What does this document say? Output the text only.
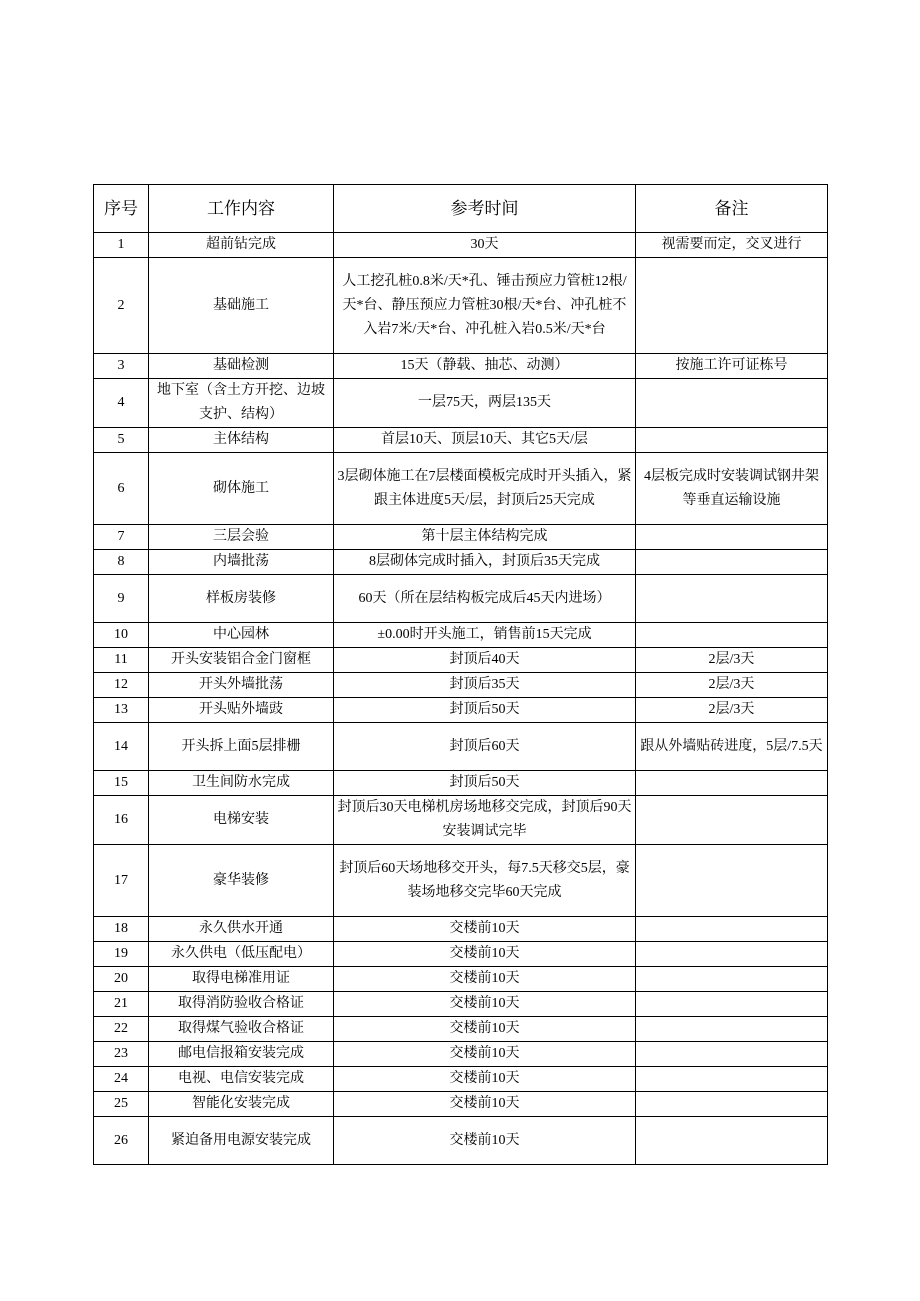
序号	工作内容	参考时间	备注
1	超前钻完成	30天	视需要而定，交叉进行
2	基础施工	人工挖孔桩0.8米/天*孔、锤击预应力管桩12根/天*台、静压预应力管桩30根/天*台、冲孔桩不入岩7米/天*台、冲孔桩入岩0.5米/天*台	
3	基础检测	15天（静载、抽芯、动测）	按施工许可证栋号
4	地下室（含土方开挖、边坡支护、结构）	一层75天，两层135天	
5	主体结构	首层10天、顶层10天、其它5天/层	
6	砌体施工	3层砌体施工在7层楼面模板完成时开头插入，紧跟主体进度5天/层，封顶后25天完成	4层板完成时安装调试钢井架等垂直运输设施
7	三层会验	第十层主体结构完成	
8	内墙批荡	8层砌体完成时插入，封顶后35天完成	
9	样板房装修	60天（所在层结构板完成后45天内进场）	
10	中心园林	±0.00时开头施工，销售前15天完成	
11	开头安装铝合金门窗框	封顶后40天	2层/3天
12	开头外墙批荡	封顶后35天	2层/3天
13	开头贴外墙豉	封顶后50天	2层/3天
14	开头拆上面5层排栅	封顶后60天	跟从外墙贴砖进度，5层/7.5天
15	卫生间防水完成	封顶后50天	
16	电梯安装	封顶后30天电梯机房场地移交完成，封顶后90天安装调试完毕	
17	豪华装修	封顶后60天场地移交开头，每7.5天移交5层，豪装场地移交完毕60天完成	
18	永久供水开通	交楼前10天	
19	永久供电（低压配电）	交楼前10天	
20	取得电梯准用证	交楼前10天	
21	取得消防验收合格证	交楼前10天	
22	取得煤气验收合格证	交楼前10天	
23	邮电信报箱安装完成	交楼前10天	
24	电视、电信安装完成	交楼前10天	
25	智能化安装完成	交楼前10天	
26	紧迫备用电源安装完成	交楼前10天	
